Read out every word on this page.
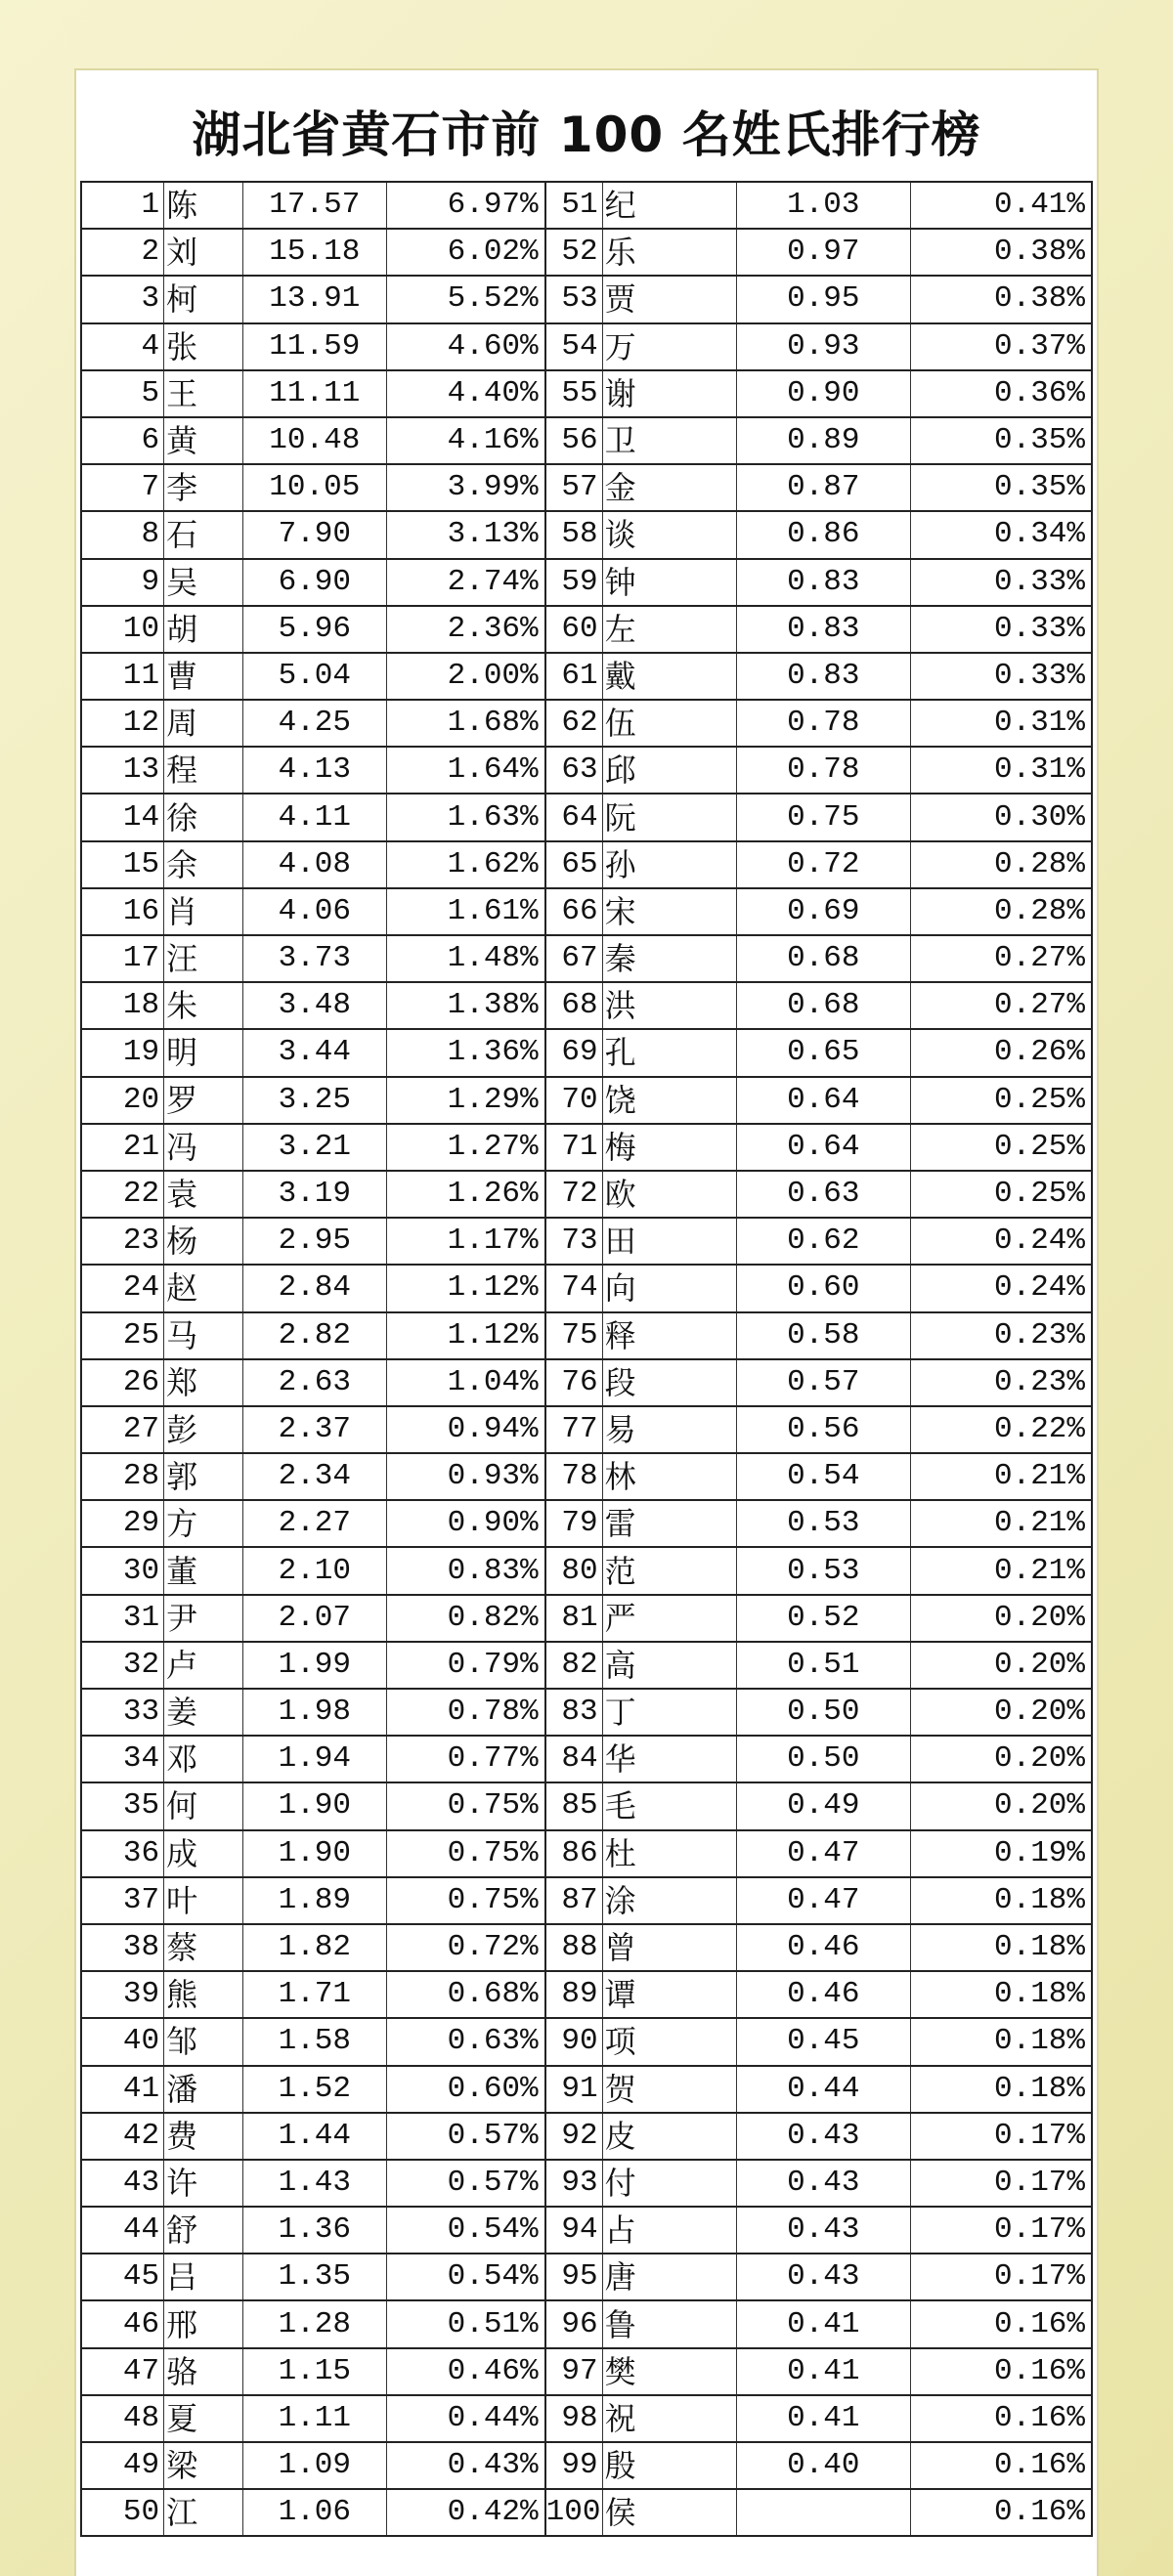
湖北省黄石市前 100 名姓氏排行榜
1	陈	17.57	6.97%	51	纪	1.03	0.41%
2	刘	15.18	6.02%	52	乐	0.97	0.38%
3	柯	13.91	5.52%	53	贾	0.95	0.38%
4	张	11.59	4.60%	54	万	0.93	0.37%
5	王	11.11	4.40%	55	谢	0.90	0.36%
6	黄	10.48	4.16%	56	卫	0.89	0.35%
7	李	10.05	3.99%	57	金	0.87	0.35%
8	石	7.90	3.13%	58	谈	0.86	0.34%
9	吴	6.90	2.74%	59	钟	0.83	0.33%
10	胡	5.96	2.36%	60	左	0.83	0.33%
11	曹	5.04	2.00%	61	戴	0.83	0.33%
12	周	4.25	1.68%	62	伍	0.78	0.31%
13	程	4.13	1.64%	63	邱	0.78	0.31%
14	徐	4.11	1.63%	64	阮	0.75	0.30%
15	余	4.08	1.62%	65	孙	0.72	0.28%
16	肖	4.06	1.61%	66	宋	0.69	0.28%
17	汪	3.73	1.48%	67	秦	0.68	0.27%
18	朱	3.48	1.38%	68	洪	0.68	0.27%
19	明	3.44	1.36%	69	孔	0.65	0.26%
20	罗	3.25	1.29%	70	饶	0.64	0.25%
21	冯	3.21	1.27%	71	梅	0.64	0.25%
22	袁	3.19	1.26%	72	欧	0.63	0.25%
23	杨	2.95	1.17%	73	田	0.62	0.24%
24	赵	2.84	1.12%	74	向	0.60	0.24%
25	马	2.82	1.12%	75	释	0.58	0.23%
26	郑	2.63	1.04%	76	段	0.57	0.23%
27	彭	2.37	0.94%	77	易	0.56	0.22%
28	郭	2.34	0.93%	78	林	0.54	0.21%
29	方	2.27	0.90%	79	雷	0.53	0.21%
30	董	2.10	0.83%	80	范	0.53	0.21%
31	尹	2.07	0.82%	81	严	0.52	0.20%
32	卢	1.99	0.79%	82	高	0.51	0.20%
33	姜	1.98	0.78%	83	丁	0.50	0.20%
34	邓	1.94	0.77%	84	华	0.50	0.20%
35	何	1.90	0.75%	85	毛	0.49	0.20%
36	成	1.90	0.75%	86	杜	0.47	0.19%
37	叶	1.89	0.75%	87	涂	0.47	0.18%
38	蔡	1.82	0.72%	88	曾	0.46	0.18%
39	熊	1.71	0.68%	89	谭	0.46	0.18%
40	邹	1.58	0.63%	90	项	0.45	0.18%
41	潘	1.52	0.60%	91	贺	0.44	0.18%
42	费	1.44	0.57%	92	皮	0.43	0.17%
43	许	1.43	0.57%	93	付	0.43	0.17%
44	舒	1.36	0.54%	94	占	0.43	0.17%
45	吕	1.35	0.54%	95	唐	0.43	0.17%
46	邢	1.28	0.51%	96	鲁	0.41	0.16%
47	骆	1.15	0.46%	97	樊	0.41	0.16%
48	夏	1.11	0.44%	98	祝	0.41	0.16%
49	梁	1.09	0.43%	99	殷	0.40	0.16%
50	江	1.06	0.42%	100	侯		0.16%
